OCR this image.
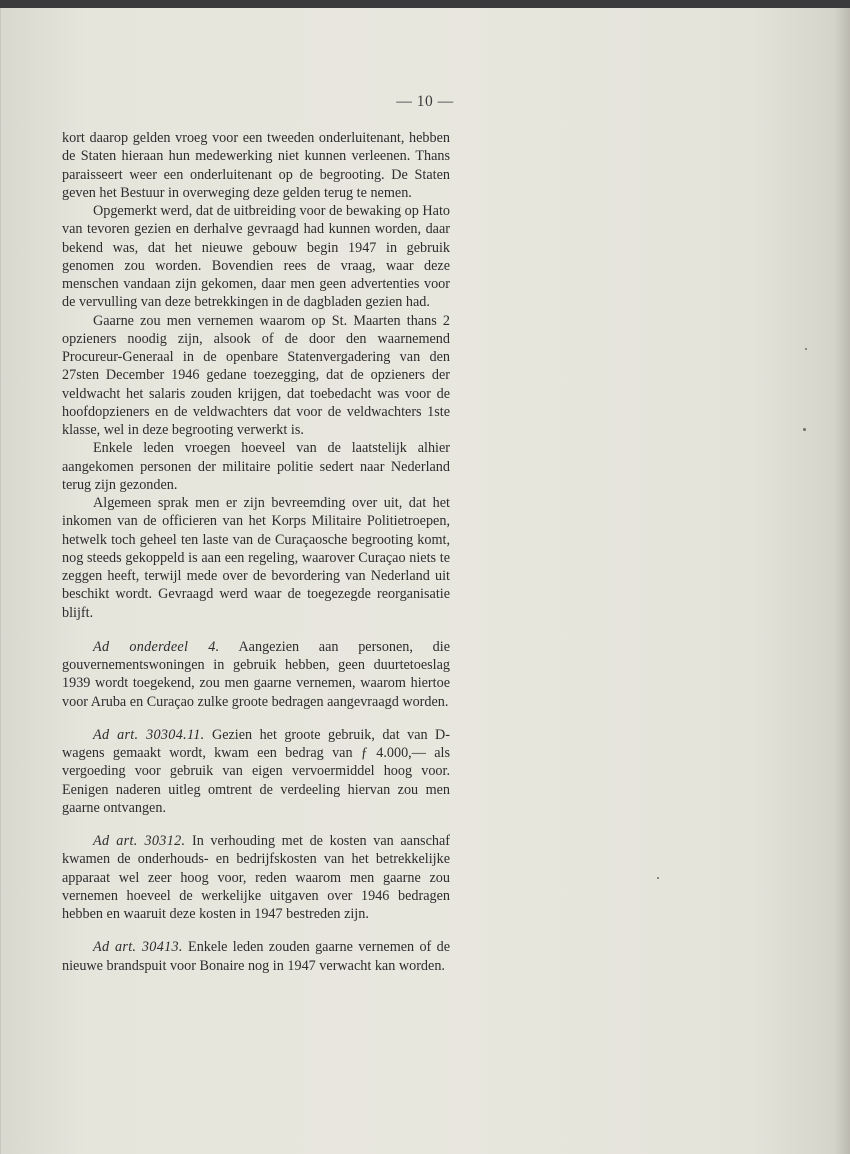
— 10 —

kort daarop gelden vroeg voor een tweeden onderluitenant, hebben de Staten hieraan hun medewerking niet kunnen verleenen. Thans paraisseert weer een onderluitenant op de begrooting. De Staten geven het Bestuur in overweging deze gelden terug te nemen.

Opgemerkt werd, dat de uitbreiding voor de bewaking op Hato van tevoren gezien en derhalve gevraagd had kunnen worden, daar bekend was, dat het nieuwe gebouw begin 1947 in gebruik genomen zou worden. Bovendien rees de vraag, waar deze menschen vandaan zijn gekomen, daar men geen advertenties voor de vervulling van deze betrekkingen in de dagbladen gezien had.

Gaarne zou men vernemen waarom op St. Maarten thans 2 opzieners noodig zijn, alsook of de door den waarnemend Procureur-Generaal in de openbare Statenvergadering van den 27sten December 1946 gedane toezegging, dat de opzieners der veldwacht het salaris zouden krijgen, dat toebedacht was voor de hoofdopzieners en de veldwachters dat voor de veldwachters 1ste klasse, wel in deze begrooting verwerkt is.

Enkele leden vroegen hoeveel van de laatstelijk alhier aangekomen personen der militaire politie sedert naar Nederland terug zijn gezonden.

Algemeen sprak men er zijn bevreemding over uit, dat het inkomen van de officieren van het Korps Militaire Politietroepen, hetwelk toch geheel ten laste van de Curaçaosche begrooting komt, nog steeds gekoppeld is aan een regeling, waarover Curaçao niets te zeggen heeft, terwijl mede over de bevordering van Nederland uit beschikt wordt. Gevraagd werd waar de toegezegde reorganisatie blijft.

Ad onderdeel 4. Aangezien aan personen, die gouvernementswoningen in gebruik hebben, geen duurtetoeslag 1939 wordt toegekend, zou men gaarne vernemen, waarom hiertoe voor Aruba en Curaçao zulke groote bedragen aangevraagd worden.

Ad art. 30304.11. Gezien het groote gebruik, dat van D-wagens gemaakt wordt, kwam een bedrag van ƒ 4.000,— als vergoeding voor gebruik van eigen vervoermiddel hoog voor. Eenigen naderen uitleg omtrent de verdeeling hiervan zou men gaarne ontvangen.

Ad art. 30312. In verhouding met de kosten van aanschaf kwamen de onderhouds- en bedrijfskosten van het betrekkelijke apparaat wel zeer hoog voor, reden waarom men gaarne zou vernemen hoeveel de werkelijke uitgaven over 1946 bedragen hebben en waaruit deze kosten in 1947 bestreden zijn.

Ad art. 30413. Enkele leden zouden gaarne vernemen of de nieuwe brandspuit voor Bonaire nog in 1947 verwacht kan worden.
